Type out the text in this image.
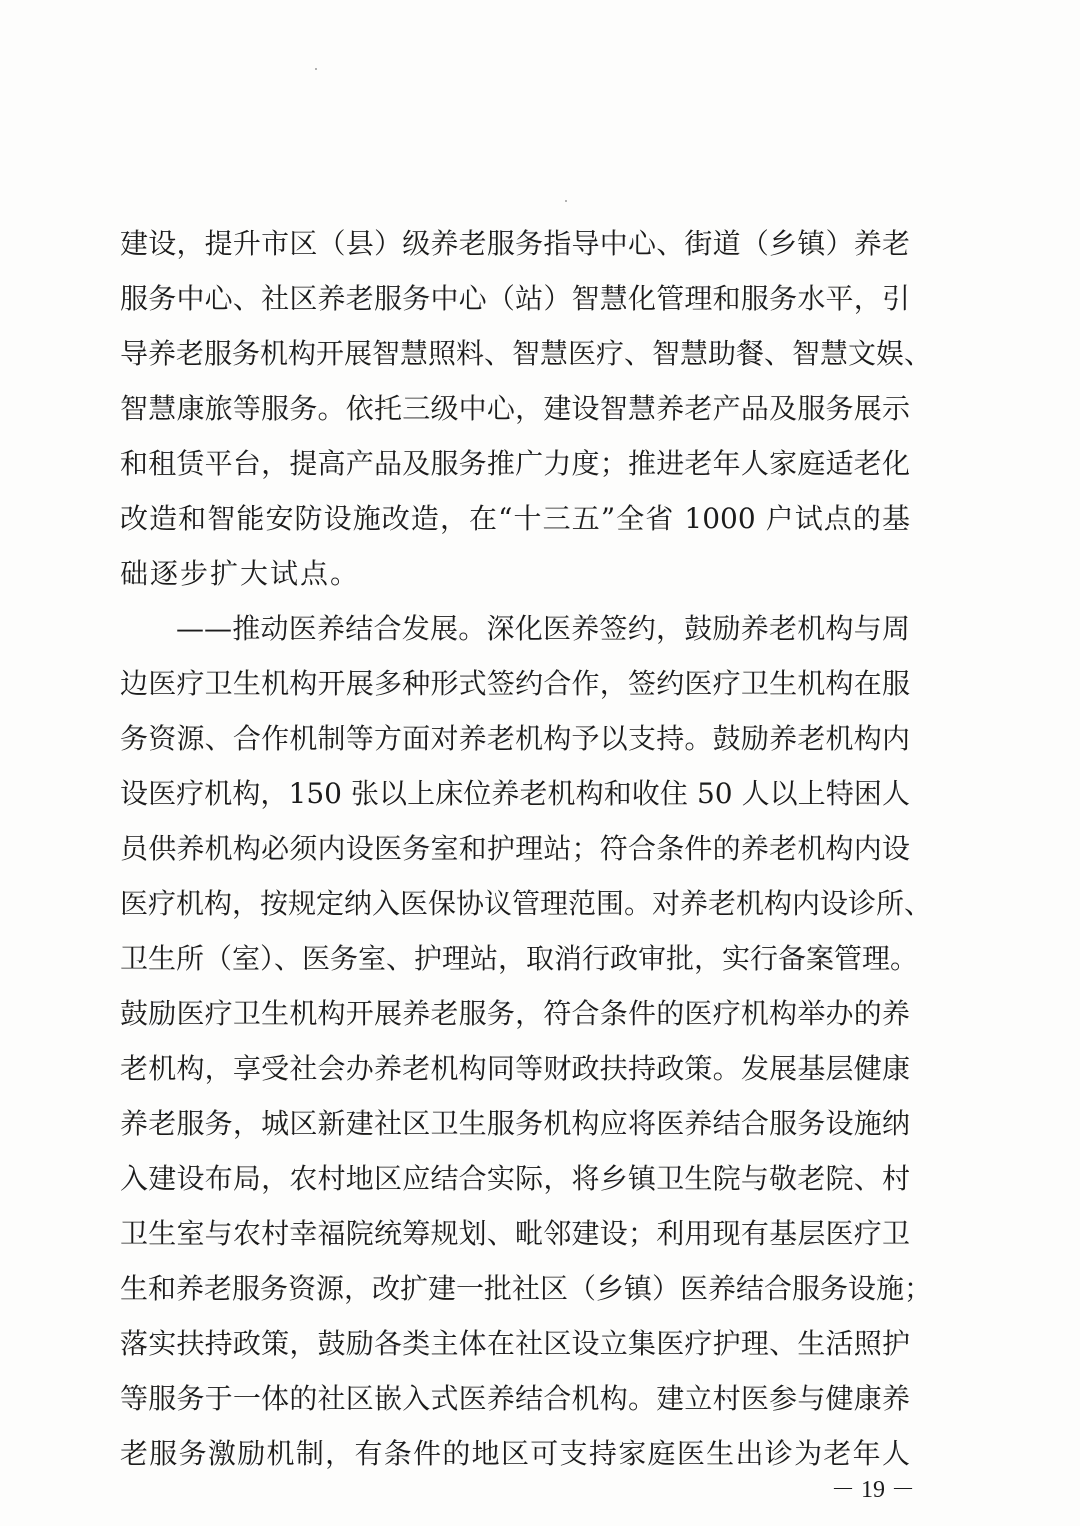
建设，提升市区（县）级养老服务指导中心、街道（乡镇）养老
服务中心、社区养老服务中心（站）智慧化管理和服务水平，引
导养老服务机构开展智慧照料、智慧医疗、智慧助餐、智慧文娱、
智慧康旅等服务。依托三级中心，建设智慧养老产品及服务展示
和租赁平台，提高产品及服务推广力度；推进老年人家庭适老化
改造和智能安防设施改造，在“十三五”全省 1000 户试点的基
础逐步扩大试点。
——推动医养结合发展。深化医养签约，鼓励养老机构与周
边医疗卫生机构开展多种形式签约合作，签约医疗卫生机构在服
务资源、合作机制等方面对养老机构予以支持。鼓励养老机构内
设医疗机构，150 张以上床位养老机构和收住 50 人以上特困人
员供养机构必须内设医务室和护理站；符合条件的养老机构内设
医疗机构，按规定纳入医保协议管理范围。对养老机构内设诊所、
卫生所（室）、医务室、护理站，取消行政审批，实行备案管理。
鼓励医疗卫生机构开展养老服务，符合条件的医疗机构举办的养
老机构，享受社会办养老机构同等财政扶持政策。发展基层健康
养老服务，城区新建社区卫生服务机构应将医养结合服务设施纳
入建设布局，农村地区应结合实际，将乡镇卫生院与敬老院、村
卫生室与农村幸福院统筹规划、毗邻建设；利用现有基层医疗卫
生和养老服务资源，改扩建一批社区（乡镇）医养结合服务设施；
落实扶持政策，鼓励各类主体在社区设立集医疗护理、生活照护
等服务于一体的社区嵌入式医养结合机构。建立村医参与健康养
老服务激励机制，有条件的地区可支持家庭医生出诊为老年人
－ 19 －
